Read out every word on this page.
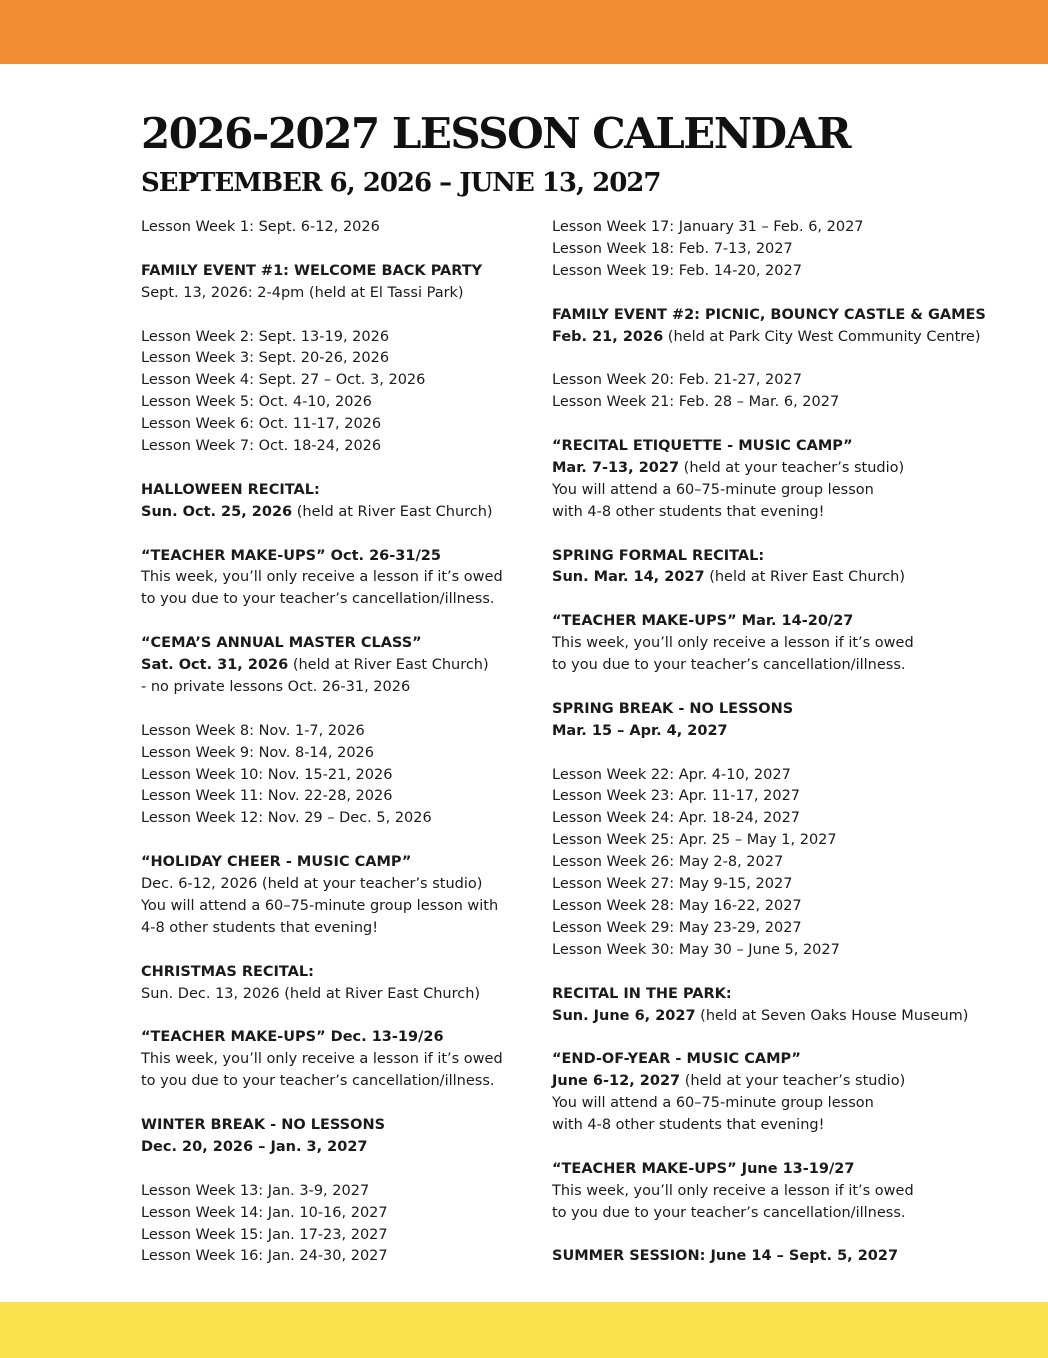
2026-2027 LESSON CALENDAR
SEPTEMBER 6, 2026 – JUNE 13, 2027
Lesson Week 1: Sept. 6-12, 2026
FAMILY EVENT #1: WELCOME BACK PARTY
Sept. 13, 2026: 2-4pm (held at El Tassi Park)
Lesson Week 2: Sept. 13-19, 2026
Lesson Week 3: Sept. 20-26, 2026
Lesson Week 4: Sept. 27 – Oct. 3, 2026
Lesson Week 5: Oct. 4-10, 2026
Lesson Week 6: Oct. 11-17, 2026
Lesson Week 7: Oct. 18-24, 2026
HALLOWEEN RECITAL:
Sun. Oct. 25, 2026 (held at River East Church)
“TEACHER MAKE-UPS” Oct. 26-31/25
This week, you’ll only receive a lesson if it’s owed
to you due to your teacher’s cancellation/illness.
“CEMA’S ANNUAL MASTER CLASS”
Sat. Oct. 31, 2026 (held at River East Church)
- no private lessons Oct. 26-31, 2026
Lesson Week 8: Nov. 1-7, 2026
Lesson Week 9: Nov. 8-14, 2026
Lesson Week 10: Nov. 15-21, 2026
Lesson Week 11: Nov. 22-28, 2026
Lesson Week 12: Nov. 29 – Dec. 5, 2026
“HOLIDAY CHEER - MUSIC CAMP”
Dec. 6-12, 2026 (held at your teacher’s studio)
You will attend a 60–75-minute group lesson with
4-8 other students that evening!
CHRISTMAS RECITAL:
Sun. Dec. 13, 2026 (held at River East Church)
“TEACHER MAKE-UPS” Dec. 13-19/26
This week, you’ll only receive a lesson if it’s owed
to you due to your teacher’s cancellation/illness.
WINTER BREAK - NO LESSONS
Dec. 20, 2026 – Jan. 3, 2027
Lesson Week 13: Jan. 3-9, 2027
Lesson Week 14: Jan. 10-16, 2027
Lesson Week 15: Jan. 17-23, 2027
Lesson Week 16: Jan. 24-30, 2027
Lesson Week 17: January 31 – Feb. 6, 2027
Lesson Week 18: Feb. 7-13, 2027
Lesson Week 19: Feb. 14-20, 2027
FAMILY EVENT #2: PICNIC, BOUNCY CASTLE & GAMES
Feb. 21, 2026 (held at Park City West Community Centre)
Lesson Week 20: Feb. 21-27, 2027
Lesson Week 21: Feb. 28 – Mar. 6, 2027
“RECITAL ETIQUETTE - MUSIC CAMP”
Mar. 7-13, 2027 (held at your teacher’s studio)
You will attend a 60–75-minute group lesson
with 4-8 other students that evening!
SPRING FORMAL RECITAL:
Sun. Mar. 14, 2027 (held at River East Church)
“TEACHER MAKE-UPS” Mar. 14-20/27
This week, you’ll only receive a lesson if it’s owed
to you due to your teacher’s cancellation/illness.
SPRING BREAK - NO LESSONS
Mar. 15 – Apr. 4, 2027
Lesson Week 22: Apr. 4-10, 2027
Lesson Week 23: Apr. 11-17, 2027
Lesson Week 24: Apr. 18-24, 2027
Lesson Week 25: Apr. 25 – May 1, 2027
Lesson Week 26: May 2-8, 2027
Lesson Week 27: May 9-15, 2027
Lesson Week 28: May 16-22, 2027
Lesson Week 29: May 23-29, 2027
Lesson Week 30: May 30 – June 5, 2027
RECITAL IN THE PARK:
Sun. June 6, 2027 (held at Seven Oaks House Museum)
“END-OF-YEAR - MUSIC CAMP”
June 6-12, 2027 (held at your teacher’s studio)
You will attend a 60–75-minute group lesson
with 4-8 other students that evening!
“TEACHER MAKE-UPS” June 13-19/27
This week, you’ll only receive a lesson if it’s owed
to you due to your teacher’s cancellation/illness.
SUMMER SESSION: June 14 – Sept. 5, 2027
